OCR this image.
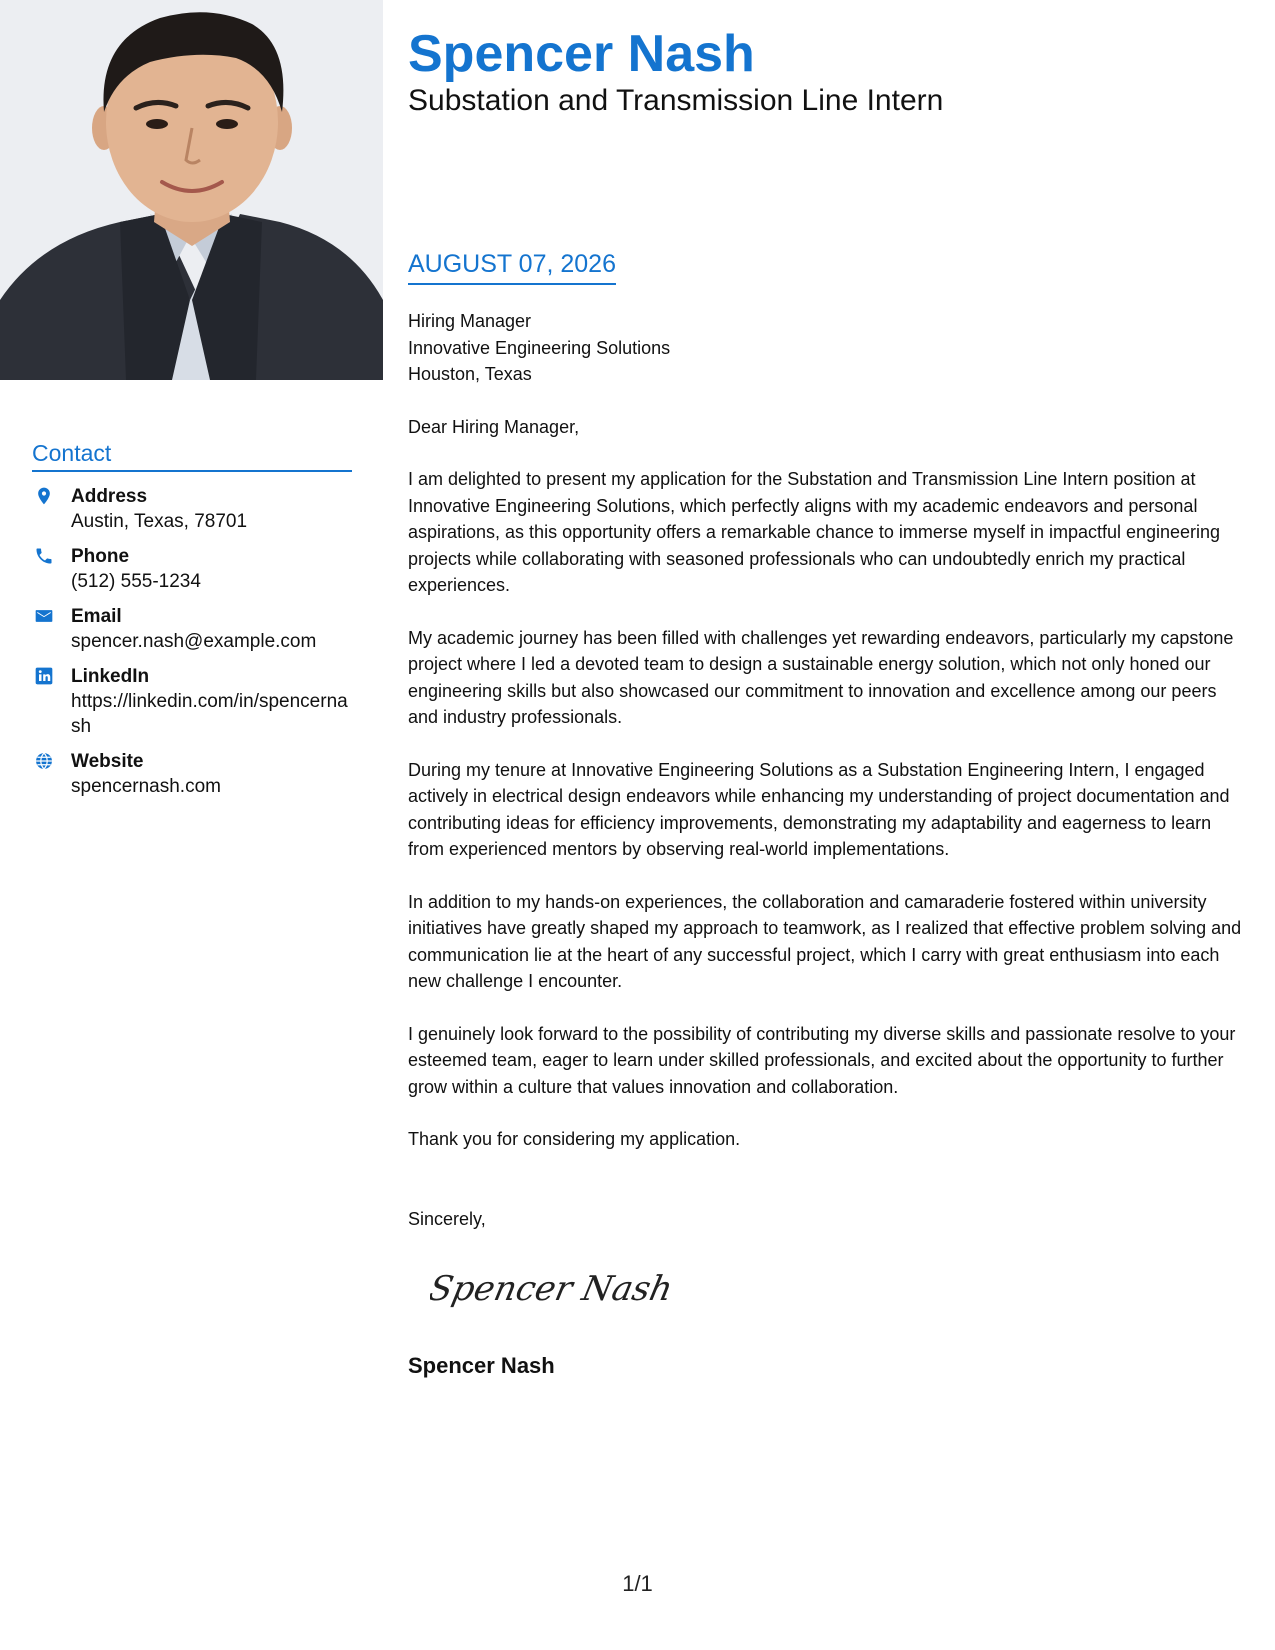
Contact
Address
Austin, Texas, 78701
Phone
(512) 555-1234
Email
spencer.nash@example.com
LinkedIn
https://linkedin.com/in/spencernash
Website
spencernash.com
Spencer Nash
Substation and Transmission Line Intern
AUGUST 07, 2026
Hiring Manager
Innovative Engineering Solutions
Houston, Texas
Dear Hiring Manager,

I am delighted to present my application for the Substation and Transmission Line Intern position at Innovative Engineering Solutions, which perfectly aligns with my academic endeavors and personal aspirations, as this opportunity offers a remarkable chance to immerse myself in impactful engineering projects while collaborating with seasoned professionals who can undoubtedly enrich my practical experiences.

My academic journey has been filled with challenges yet rewarding endeavors, particularly my capstone project where I led a devoted team to design a sustainable energy solution, which not only honed our engineering skills but also showcased our commitment to innovation and excellence among our peers and industry professionals.

During my tenure at Innovative Engineering Solutions as a Substation Engineering Intern, I engaged actively in electrical design endeavors while enhancing my understanding of project documentation and contributing ideas for efficiency improvements, demonstrating my adaptability and eagerness to learn from experienced mentors by observing real-world implementations.

In addition to my hands-on experiences, the collaboration and camaraderie fostered within university initiatives have greatly shaped my approach to teamwork, as I realized that effective problem solving and communication lie at the heart of any successful project, which I carry with great enthusiasm into each new challenge I encounter.

I genuinely look forward to the possibility of contributing my diverse skills and passionate resolve to your esteemed team, eager to learn under skilled professionals, and excited about the opportunity to further grow within a culture that values innovation and collaboration.

Thank you for considering my application.

Sincerely,
Spencer Nash
Spencer Nash
1/1
